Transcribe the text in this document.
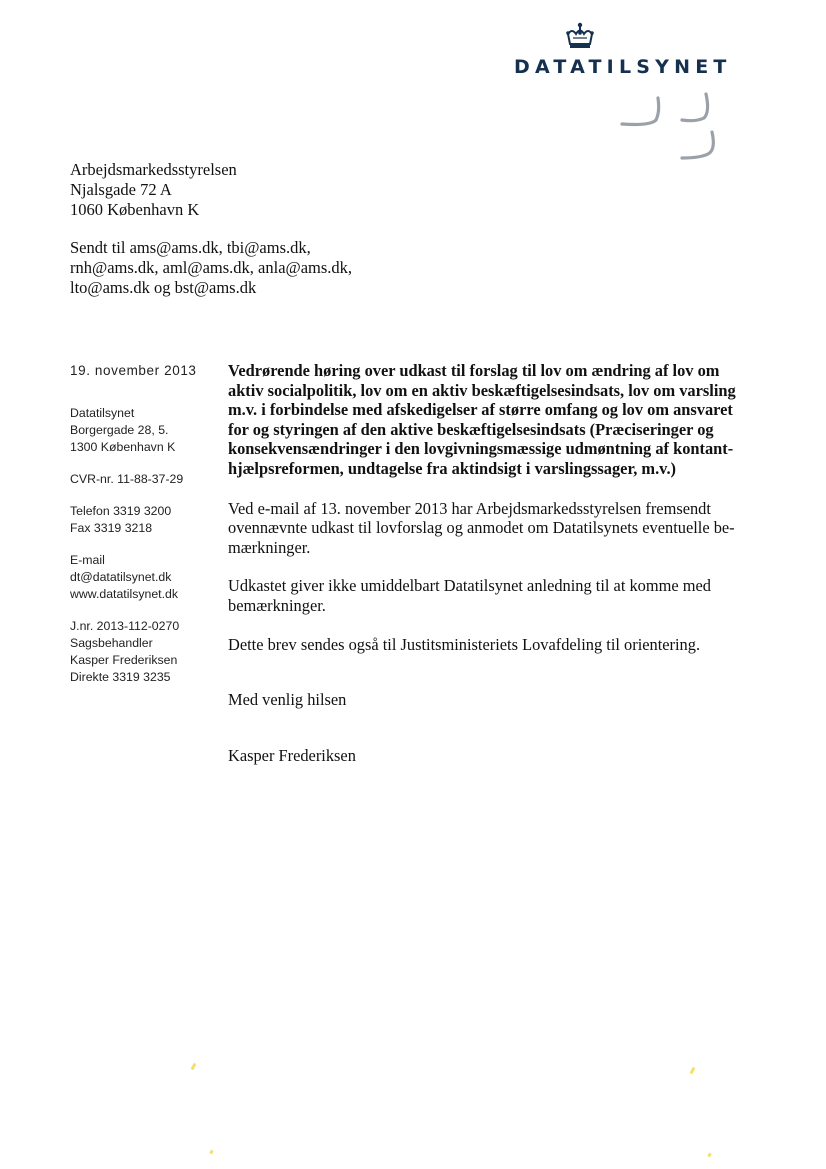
DATATILSYNET
Arbejdsmarkedsstyrelsen
Njalsgade 72 A
1060 København K
Sendt til ams@ams.dk, tbi@ams.dk,
rnh@ams.dk, aml@ams.dk, anla@ams.dk,
lto@ams.dk og bst@ams.dk
19. november 2013
Datatilsynet
Borgergade 28, 5.
1300 København K
CVR-nr. 11-88-37-29
Telefon 3319 3200
Fax 3319 3218
E-mail
dt@datatilsynet.dk
www.datatilsynet.dk
J.nr. 2013-112-0270
Sagsbehandler
Kasper Frederiksen
Direkte 3319 3235
Vedrørende høring over udkast til forslag til lov om ændring af lov om
aktiv socialpolitik, lov om en aktiv beskæftigelsesindsats, lov om varsling
m.v. i forbindelse med afskedigelser af større omfang og lov om ansvaret
for og styringen af den aktive beskæftigelsesindsats (Præciseringer og
konsekvensændringer i den lovgivningsmæssige udmøntning af kontant-
hjælpsreformen, undtagelse fra aktindsigt i varslingssager, m.v.)

Ved e-mail af 13. november 2013 har Arbejdsmarkedsstyrelsen fremsendt
ovennævnte udkast til lovforslag og anmodet om Datatilsynets eventuelle be-
mærkninger.

Udkastet giver ikke umiddelbart Datatilsynet anledning til at komme med
bemærkninger.

Dette brev sendes også til Justitsministeriets Lovafdeling til orientering.

Med venlig hilsen

Kasper Frederiksen
